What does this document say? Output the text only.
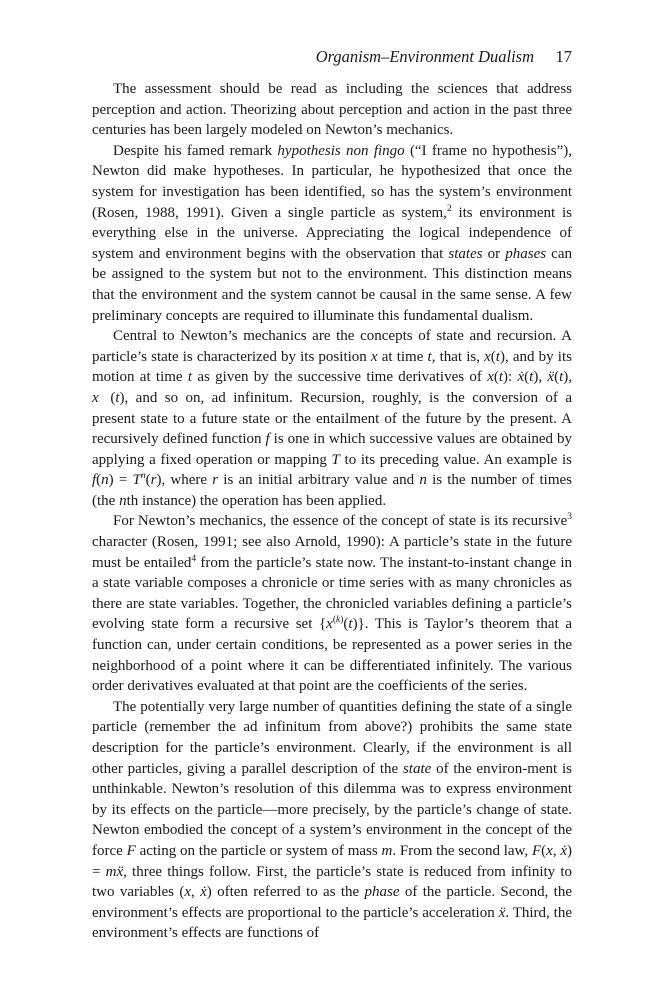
Organism–Environment Dualism 17

The assessment should be read as including the sciences that address perception and action. Theorizing about perception and action in the past three centuries has been largely modeled on Newton’s mechanics.

Despite his famed remark hypothesis non fingo (“I frame no hypothesis”), Newton did make hypotheses. In particular, he hypothesized that once the system for investigation has been identified, so has the system’s environment (Rosen, 1988, 1991). Given a single particle as system,$^2$ its environment is everything else in the universe. Appreciating the logical independence of system and environment begins with the observation that states or phases can be assigned to the system but not to the environment. This distinction means that the environment and the system cannot be causal in the same sense. A few preliminary concepts are required to illuminate this fundamental dualism.

Central to Newton’s mechanics are the concepts of state and recursion. A particle’s state is characterized by its position x at time t, that is, x(t), and by its motion at time t as given by the successive time derivatives of x(t): ẋ(t), ẍ(t), x⃛(t), and so on, ad infinitum. Recursion, roughly, is the conversion of a present state to a future state or the entailment of the future by the present. A recursively defined function f is one in which successive values are obtained by applying a fixed operation or mapping T to its preceding value. An example is $f(n) = T^n(r)$, where r is an initial arbitrary value and n is the number of times (the nth instance) the operation has been applied.

For Newton’s mechanics, the essence of the concept of state is its recursive$^3$ character (Rosen, 1991; see also Arnold, 1990): A particle’s state in the future must be entailed$^4$ from the particle’s state now. The instant-to-instant change in a state variable composes a chronicle or time series with as many chronicles as there are state variables. Together, the chronicled variables defining a particle’s evolving state form a recursive set $\{x^{(k)}(t)\}$. This is Taylor’s theorem that a function can, under certain conditions, be represented as a power series in the neighborhood of a point where it can be differentiated infinitely. The various order derivatives evaluated at that point are the coefficients of the series.

The potentially very large number of quantities defining the state of a single particle (remember the ad infinitum from above?) prohibits the same state description for the particle’s environment. Clearly, if the environment is all other particles, giving a parallel description of the state of the environ-ment is unthinkable. Newton’s resolution of this dilemma was to express environment by its effects on the particle—more precisely, by the particle’s change of state. Newton embodied the concept of a system’s environment in the concept of the force F acting on the particle or system of mass m. From the second law, F(x, ẋ) = mẍ, three things follow. First, the particle’s state is reduced from infinity to two variables (x, ẋ) often referred to as the phase of the particle. Second, the environment’s effects are proportional to the particle’s acceleration ẍ. Third, the environment’s effects are functions of
